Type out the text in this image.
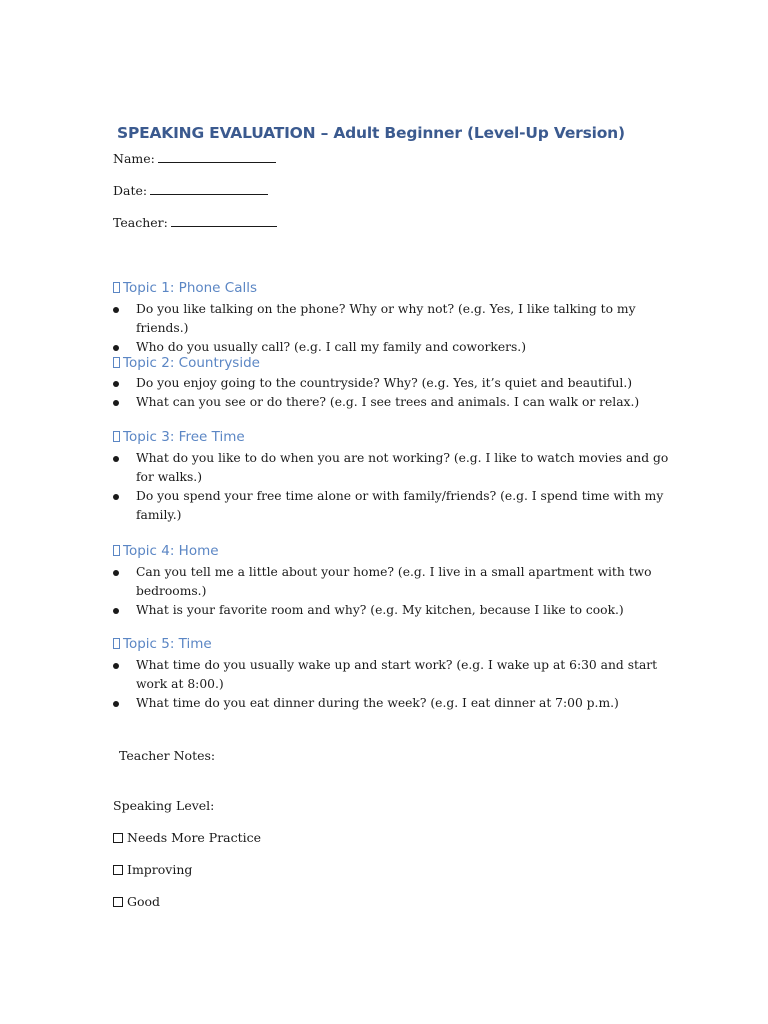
SPEAKING EVALUATION – Adult Beginner (Level-Up Version)
Name:
Date:
Teacher:
Topic 1: Phone Calls
Do you like talking on the phone? Why or why not? (e.g. Yes, I like talking to my friends.)
Who do you usually call? (e.g. I call my family and coworkers.)
Topic 2: Countryside
Do you enjoy going to the countryside? Why? (e.g. Yes, it’s quiet and beautiful.)
What can you see or do there? (e.g. I see trees and animals. I can walk or relax.)
Topic 3: Free Time
What do you like to do when you are not working? (e.g. I like to watch movies and go for walks.)
Do you spend your free time alone or with family/friends? (e.g. I spend time with my family.)
Topic 4: Home
Can you tell me a little about your home? (e.g. I live in a small apartment with two bedrooms.)
What is your favorite room and why? (e.g. My kitchen, because I like to cook.)
Topic 5: Time
What time do you usually wake up and start work? (e.g. I wake up at 6:30 and start work at 8:00.)
What time do you eat dinner during the week? (e.g. I eat dinner at 7:00 p.m.)
Teacher Notes:
Speaking Level:
Needs More Practice
Improving
Good
